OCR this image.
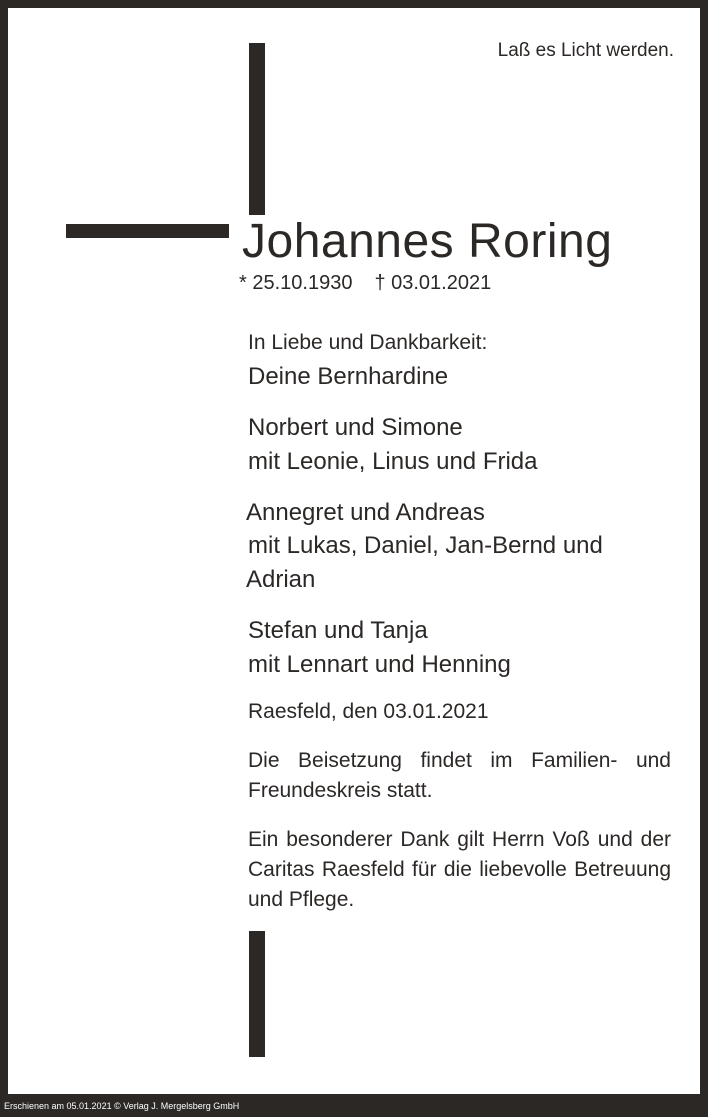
Laß es Licht werden.
Johannes Roring
* 25.10.1930 † 03.01.2021
In Liebe und Dankbarkeit:
Deine Bernhardine
Norbert und Simone
mit Leonie, Linus und Frida
Annegret und Andreas
mit Lukas, Daniel, Jan-Bernd und
Adrian
Stefan und Tanja
mit Lennart und Henning
Raesfeld, den 03.01.2021
Die Beisetzung findet im Familien- und Freundeskreis statt.
Ein besonderer Dank gilt Herrn Voß und der Caritas Raesfeld für die liebevolle Betreuung und Pflege.
Erschienen am 05.01.2021 © Verlag J. Mergelsberg GmbH
